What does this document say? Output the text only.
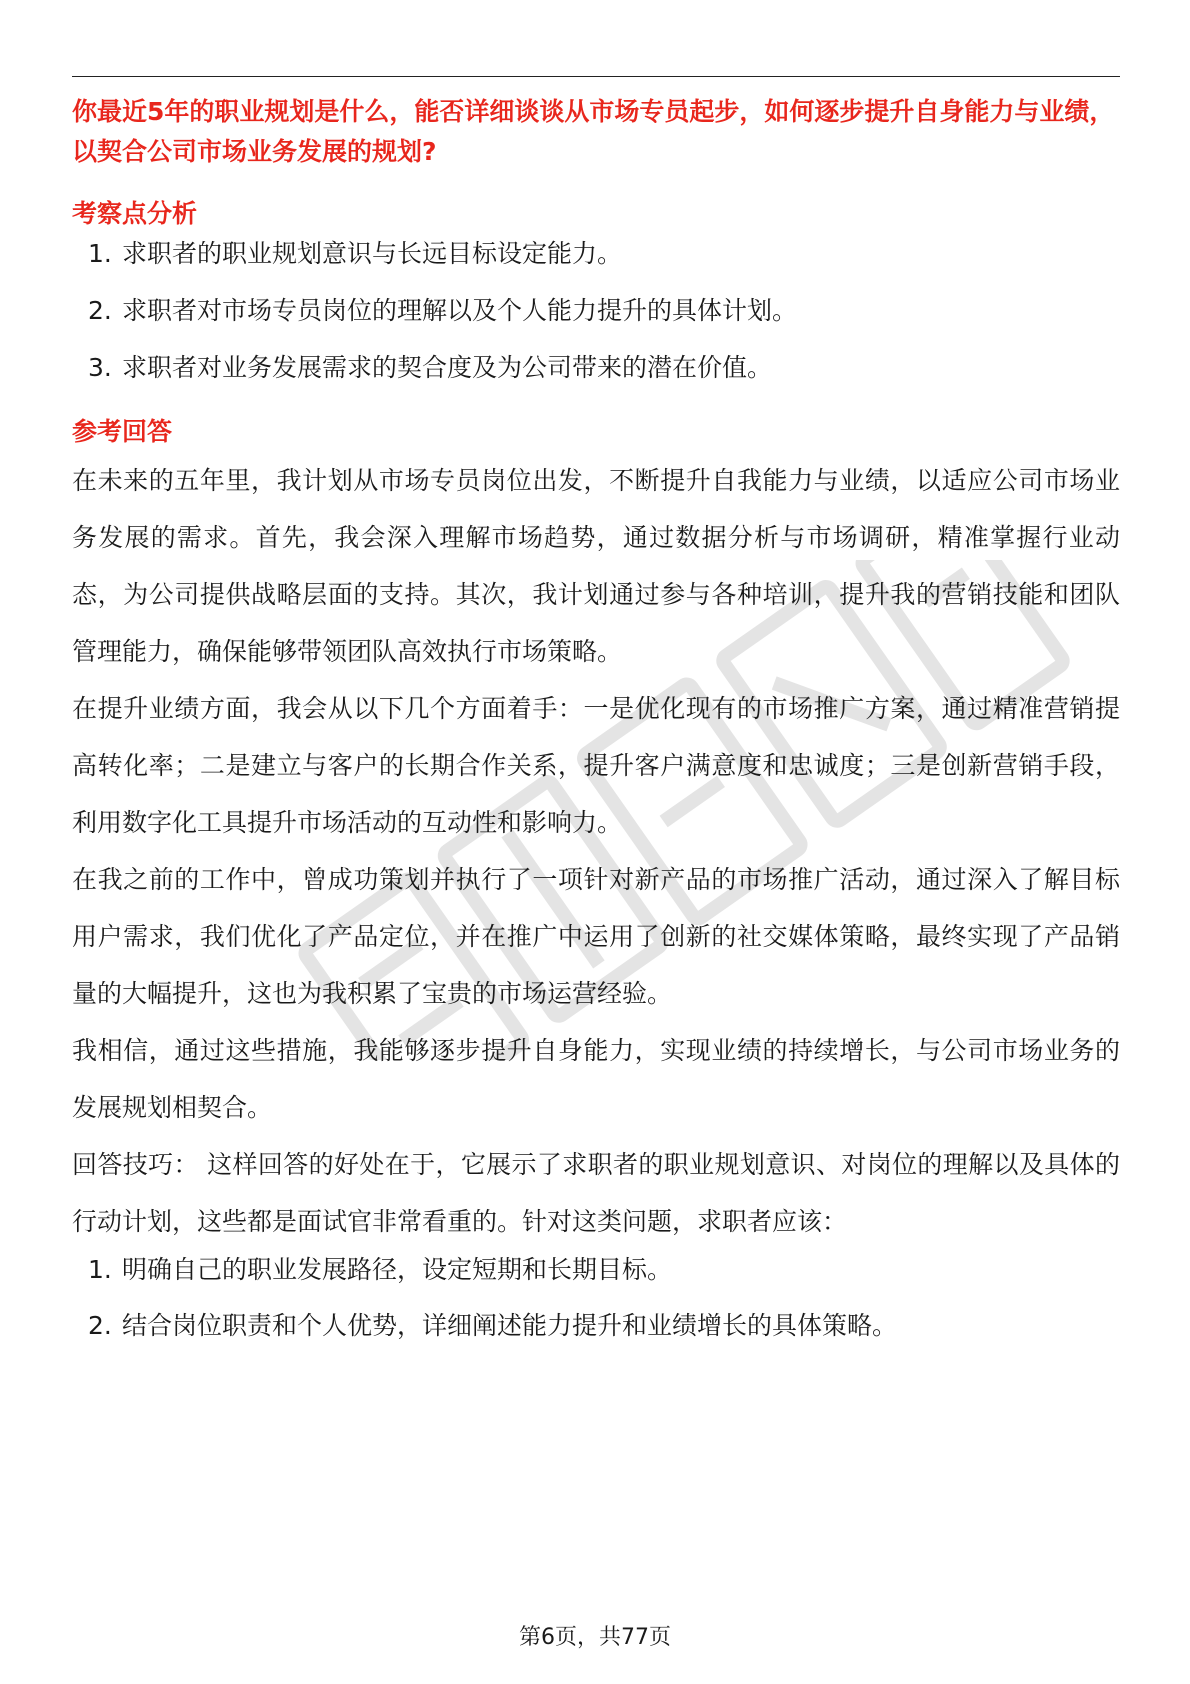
你最近5年的职业规划是什么，能否详细谈谈从市场专员起步，如何逐步提升自身能力与业绩，以契合公司市场业务发展的规划?

考察点分析
1. 求职者的职业规划意识与长远目标设定能力。
2. 求职者对市场专员岗位的理解以及个人能力提升的具体计划。
3. 求职者对业务发展需求的契合度及为公司带来的潜在价值。
参考回答

在未来的五年里，我计划从市场专员岗位出发，不断提升自我能力与业绩，以适应公司市场业务发展的需求。首先，我会深入理解市场趋势，通过数据分析与市场调研，精准掌握行业动态，为公司提供战略层面的支持。其次，我计划通过参与各种培训，提升我的营销技能和团队管理能力，确保能够带领团队高效执行市场策略。

在提升业绩方面，我会从以下几个方面着手：一是优化现有的市场推广方案，通过精准营销提高转化率；二是建立与客户的长期合作关系，提升客户满意度和忠诚度；三是创新营销手段，利用数字化工具提升市场活动的互动性和影响力。

在我之前的工作中，曾成功策划并执行了一项针对新产品的市场推广活动，通过深入了解目标用户需求，我们优化了产品定位，并在推广中运用了创新的社交媒体策略，最终实现了产品销量的大幅提升，这也为我积累了宝贵的市场运营经验。

我相信，通过这些措施，我能够逐步提升自身能力，实现业绩的持续增长，与公司市场业务的发展规划相契合。

回答技巧： 这样回答的好处在于，它展示了求职者的职业规划意识、对岗位的理解以及具体的行动计划，这些都是面试官非常看重的。针对这类问题，求职者应该：

1. 明确自己的职业发展路径，设定短期和长期目标。
2. 结合岗位职责和个人优势，详细阐述能力提升和业绩增长的具体策略。
第6页，共77页
